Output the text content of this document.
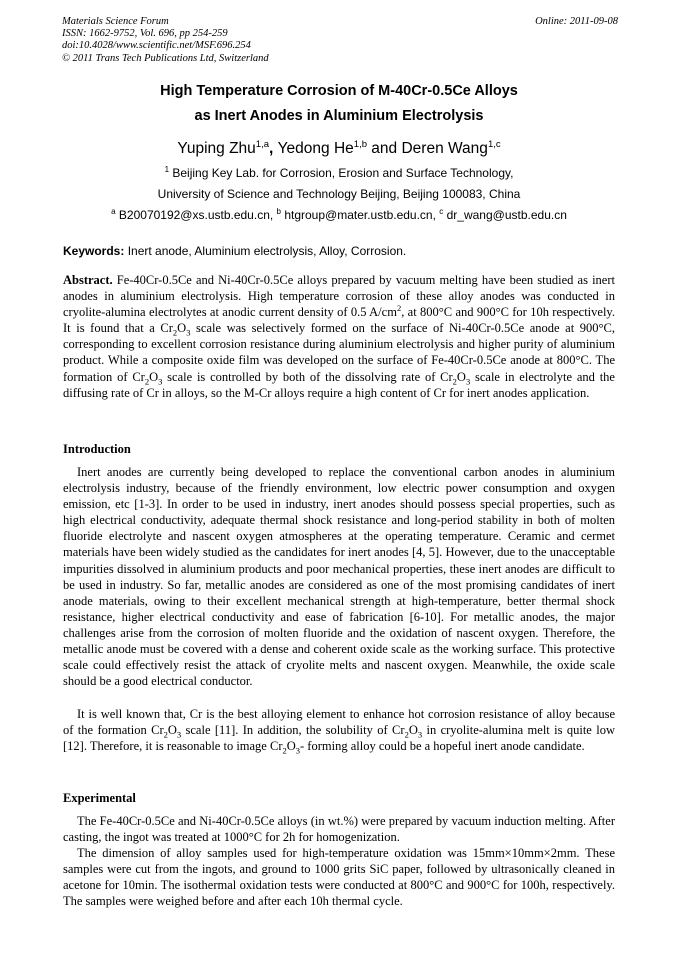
Materials Science Forum
ISSN: 1662-9752, Vol. 696, pp 254-259
doi:10.4028/www.scientific.net/MSF.696.254
© 2011 Trans Tech Publications Ltd, Switzerland
Online: 2011-09-08
High Temperature Corrosion of M-40Cr-0.5Ce Alloys
as Inert Anodes in Aluminium Electrolysis
Yuping Zhu$^{1,a}$, Yedong He$^{1,b}$ and Deren Wang$^{1,c}$
$^1$ Beijing Key Lab. for Corrosion, Erosion and Surface Technology,
University of Science and Technology Beijing, Beijing 100083, China
$^a$ B20070192@xs.ustb.edu.cn, $^b$ htgroup@mater.ustb.edu.cn, $^c$ dr_wang@ustb.edu.cn
Keywords: Inert anode, Aluminium electrolysis, Alloy, Corrosion.
Abstract. Fe-40Cr-0.5Ce and Ni-40Cr-0.5Ce alloys prepared by vacuum melting have been studied as inert anodes in aluminium electrolysis. High temperature corrosion of these alloy anodes was conducted in cryolite-alumina electrolytes at anodic current density of 0.5 $A/cm^2$, at 800°C and 900°C for 10h respectively. It is found that a $Cr_2O_3$ scale was selectively formed on the surface of Ni-40Cr-0.5Ce anode at 900°C, corresponding to excellent corrosion resistance during aluminium electrolysis and higher purity of aluminium product. While a composite oxide film was developed on the surface of Fe-40Cr-0.5Ce anode at 800°C. The formation of $Cr_2O_3$ scale is controlled by both of the dissolving rate of $Cr_2O_3$ scale in electrolyte and the diffusing rate of Cr in alloys, so the M-Cr alloys require a high content of Cr for inert anodes application.
Introduction
Inert anodes are currently being developed to replace the conventional carbon anodes in aluminium electrolysis industry, because of the friendly environment, low electric power consumption and oxygen emission, etc [1-3]. In order to be used in industry, inert anodes should possess special properties, such as high electrical conductivity, adequate thermal shock resistance and long-period stability in both of molten fluoride electrolyte and nascent oxygen atmospheres at the operating temperature. Ceramic and cermet materials have been widely studied as the candidates for inert anodes [4, 5]. However, due to the unacceptable impurities dissolved in aluminium products and poor mechanical properties, these inert anodes are difficult to be used in industry. So far, metallic anodes are considered as one of the most promising candidates of inert anode materials, owing to their excellent mechanical strength at high-temperature, better thermal shock resistance, higher electrical conductivity and ease of fabrication [6-10]. For metallic anodes, the major challenges arise from the corrosion of molten fluoride and the oxidation of nascent oxygen. Therefore, the metallic anode must be covered with a dense and coherent oxide scale as the working surface. This protective scale could effectively resist the attack of cryolite melts and nascent oxygen. Meanwhile, the oxide scale should be a good electrical conductor.
It is well known that, Cr is the best alloying element to enhance hot corrosion resistance of alloy because of the formation $Cr_2O_3$ scale [11]. In addition, the solubility of $Cr_2O_3$ in cryolite-alumina melt is quite low [12]. Therefore, it is reasonable to image $Cr_2O_3-$ forming alloy could be a hopeful inert anode candidate.
Experimental
The Fe-40Cr-0.5Ce and Ni-40Cr-0.5Ce alloys (in wt.%) were prepared by vacuum induction melting. After casting, the ingot was treated at 1000°C for 2h for homogenization.
The dimension of alloy samples used for high-temperature oxidation was 15mm×10mm×2mm. These samples were cut from the ingots, and ground to 1000 grits SiC paper, followed by ultrasonically cleaned in acetone for 10min. The isothermal oxidation tests were conducted at 800°C and 900°C for 100h, respectively. The samples were weighed before and after each 10h thermal cycle.
